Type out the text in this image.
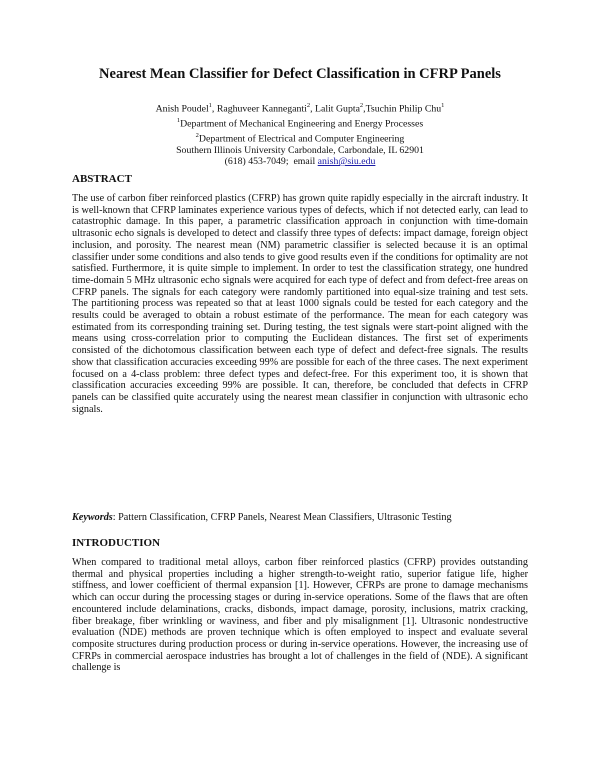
Nearest Mean Classifier for Defect Classification in CFRP Panels
Anish Poudel$^1$, Raghuveer Kanneganti$^2$, Lalit Gupta$^2$,Tsuchin Philip Chu$^1$
$^1$Department of Mechanical Engineering and Energy Processes
$^2$Department of Electrical and Computer Engineering
Southern Illinois University Carbondale, Carbondale, IL 62901
(618) 453-7049; email anish@siu.edu
ABSTRACT

The use of carbon fiber reinforced plastics (CFRP) has grown quite rapidly especially in the aircraft industry. It is well-known that CFRP laminates experience various types of defects, which if not detected early, can lead to catastrophic damage. In this paper, a parametric classification approach in conjunction with time-domain ultrasonic echo signals is developed to detect and classify three types of defects: impact damage, foreign object inclusion, and porosity. The nearest mean (NM) parametric classifier is selected because it is an optimal classifier under some conditions and also tends to give good results even if the conditions for optimality are not satisfied. Furthermore, it is quite simple to implement. In order to test the classification strategy, one hundred time-domain 5 MHz ultrasonic echo signals were acquired for each type of defect and from defect-free areas on CFRP panels. The signals for each category were randomly partitioned into equal-size training and test sets. The partitioning process was repeated so that at least 1000 signals could be tested for each category and the results could be averaged to obtain a robust estimate of the performance. The mean for each category was estimated from its corresponding training set. During testing, the test signals were start-point aligned with the means using cross-correlation prior to computing the Euclidean distances. The first set of experiments consisted of the dichotomous classification between each type of defect and defect-free signals. The results show that classification accuracies exceeding 99% are possible for each of the three cases. The next experiment focused on a 4-class problem: three defect types and defect-free. For this experiment too, it is shown that classification accuracies exceeding 99% are possible. It can, therefore, be concluded that defects in CFRP panels can be classified quite accurately using the nearest mean classifier in conjunction with ultrasonic echo signals.

Keywords: Pattern Classification, CFRP Panels, Nearest Mean Classifiers, Ultrasonic Testing
INTRODUCTION

When compared to traditional metal alloys, carbon fiber reinforced plastics (CFRP) provides outstanding thermal and physical properties including a higher strength-to-weight ratio, superior fatigue life, higher stiffness, and lower coefficient of thermal expansion [1]. However, CFRPs are prone to damage mechanisms which can occur during the processing stages or during in-service operations. Some of the flaws that are often encountered include delaminations, cracks, disbonds, impact damage, porosity, inclusions, matrix cracking, fiber breakage, fiber wrinkling or waviness, and fiber and ply misalignment [1]. Ultrasonic nondestructive evaluation (NDE) methods are proven technique which is often employed to inspect and evaluate several composite structures during production process or during in-service operations. However, the increasing use of CFRPs in commercial aerospace industries has brought a lot of challenges in the field of (NDE). A significant challenge is
